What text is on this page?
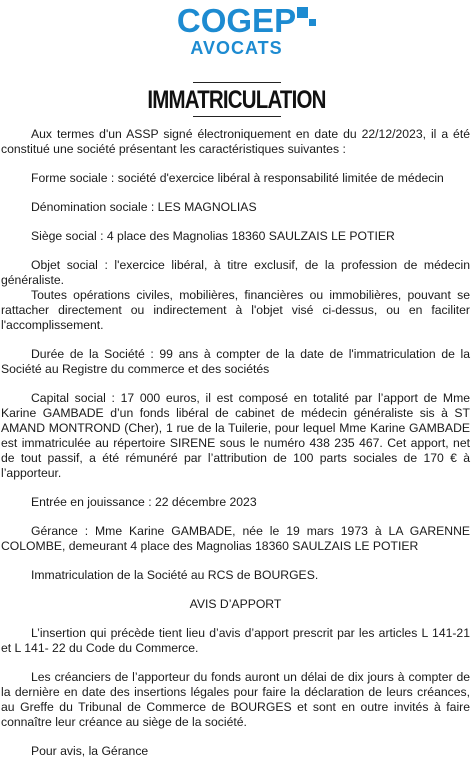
COGEP
AVOCATS
IMMATRICULATION

Aux termes d'un ASSP signé électroniquement en date du 22/12/2023, il a été constitué une société présentant les caractéristiques suivantes :

Forme sociale : société d'exercice libéral à responsabilité limitée de médecin

Dénomination sociale : LES MAGNOLIAS

Siège social : 4 place des Magnolias 18360 SAULZAIS LE POTIER

Objet social : l'exercice libéral, à titre exclusif, de la profession de médecin généraliste.

Toutes opérations civiles, mobilières, financières ou immobilières, pouvant se rattacher directement ou indirectement à l'objet visé ci-dessus, ou en faciliter l'accomplissement.

Durée de la Société : 99 ans à compter de la date de l'immatriculation de la Société au Registre du commerce et des sociétés

Capital social : 17 000 euros, il est composé en totalité par l’apport de Mme Karine GAMBADE d’un fonds libéral de cabinet de médecin généraliste sis à ST AMAND MONTROND (Cher), 1 rue de la Tuilerie, pour lequel Mme Karine GAMBADE est immatriculée au répertoire SIRENE sous le numéro 438 235 467. Cet apport, net de tout passif, a été rémunéré par l’attribution de 100 parts sociales de 170 € à l’apporteur.

Entrée en jouissance : 22 décembre 2023

Gérance : Mme Karine GAMBADE, née le 19 mars 1973 à LA GARENNE COLOMBE, demeurant 4 place des Magnolias 18360 SAULZAIS LE POTIER

Immatriculation de la Société au RCS de BOURGES.

AVIS D’APPORT

L’insertion qui précède tient lieu d’avis d’apport prescrit par les articles L 141-21 et L 141- 22 du Code du Commerce.

Les créanciers de l’apporteur du fonds auront un délai de dix jours à compter de la dernière en date des insertions légales pour faire la déclaration de leurs créances, au Greffe du Tribunal de Commerce de BOURGES et sont en outre invités à faire connaître leur créance au siège de la société.

Pour avis, la Gérance
